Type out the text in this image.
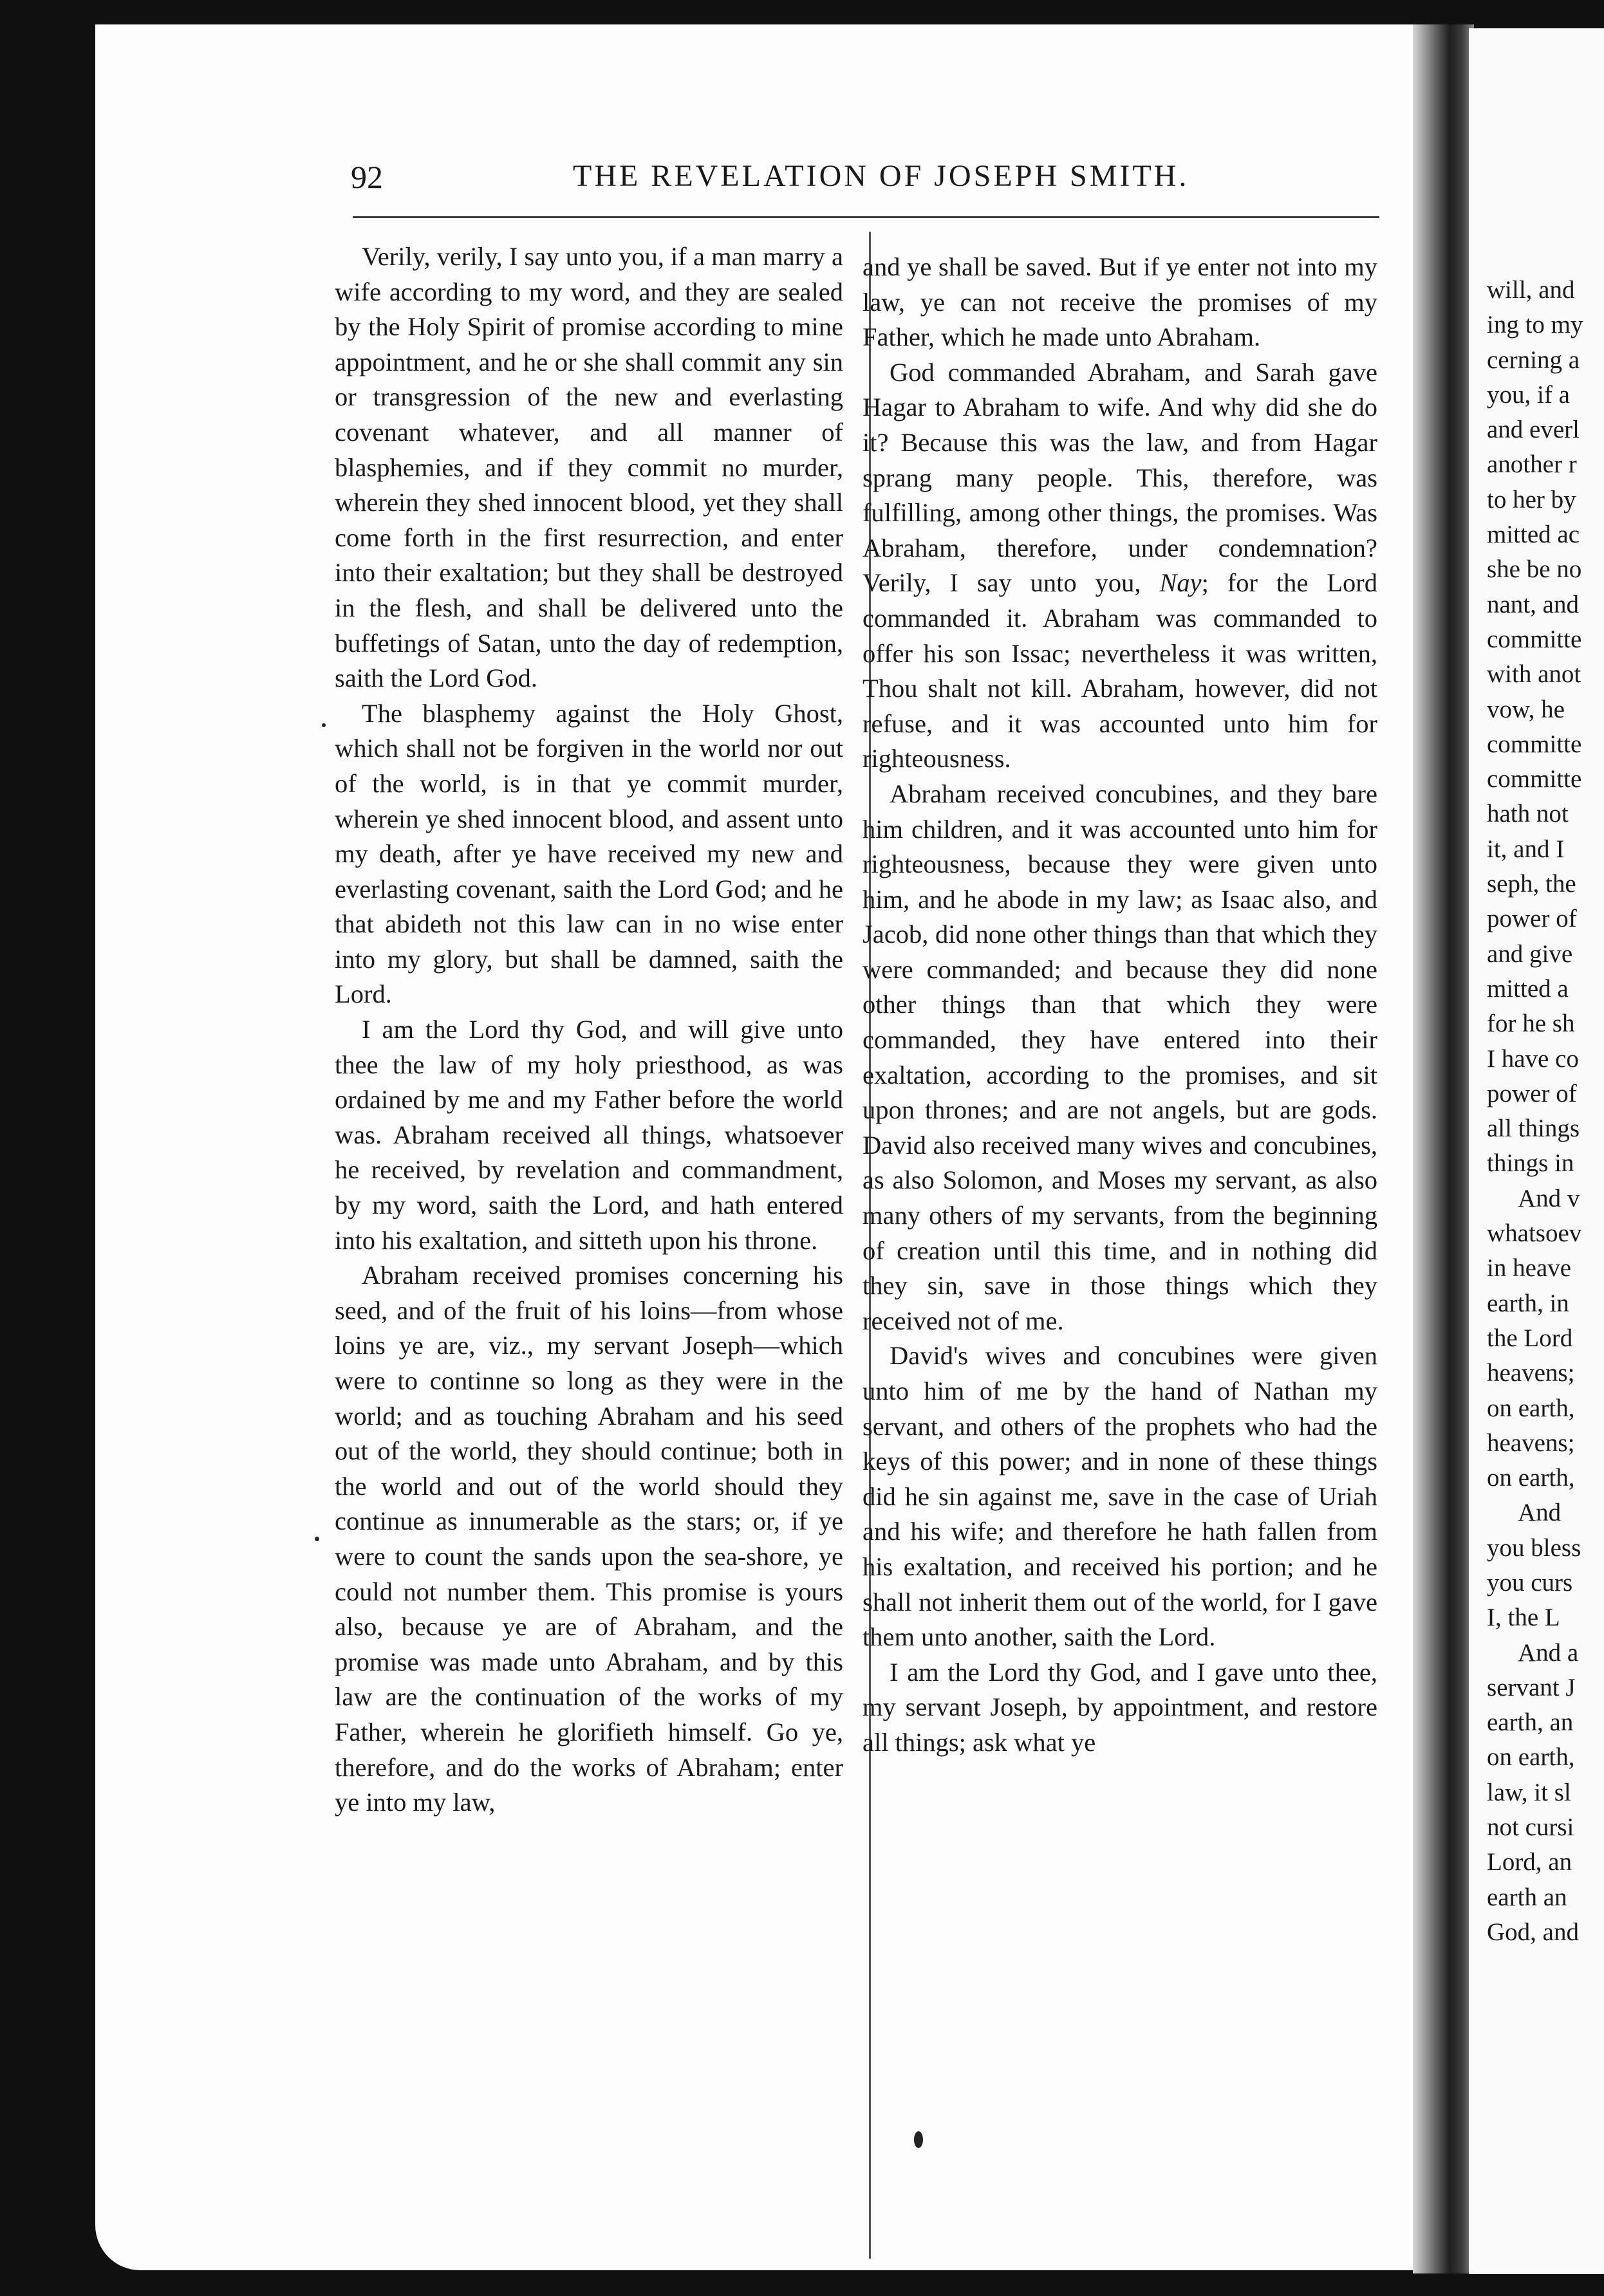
92	THE REVELATION OF JOSEPH SMITH.

Verily, verily, I say unto you, if a man marry a wife according to my word, and they are sealed by the Holy Spirit of promise according to mine appointment, and he or she shall commit any sin or transgression of the new and everlasting covenant whatever, and all manner of blasphemies, and if they commit no murder, wherein they shed innocent blood, yet they shall come forth in the first resurrection, and enter into their exaltation; but they shall be destroyed in the flesh, and shall be delivered unto the buffetings of Satan, unto the day of redemption, saith the Lord God.

The blasphemy against the Holy Ghost, which shall not be forgiven in the world nor out of the world, is in that ye commit murder, wherein ye shed innocent blood, and assent unto my death, after ye have received my new and everlasting covenant, saith the Lord God; and he that abideth not this law can in no wise enter into my glory, but shall be damned, saith the Lord.

I am the Lord thy God, and will give unto thee the law of my holy priesthood, as was ordained by me and my Father before the world was. Abraham received all things, whatsoever he received, by revelation and commandment, by my word, saith the Lord, and hath entered into his exaltation, and sitteth upon his throne.

Abraham received promises concerning his seed, and of the fruit of his loins—from whose loins ye are, viz., my servant Joseph—which were to continne so long as they were in the world; and as touching Abraham and his seed out of the world, they should continue; both in the world and out of the world should they continue as innumerable as the stars; or, if ye were to count the sands upon the sea-shore, ye could not number them. This promise is yours also, because ye are of Abraham, and the promise was made unto Abraham, and by this law are the continuation of the works of my Father, wherein he glorifieth himself. Go ye, therefore, and do the works of Abraham; enter ye into my law,

and ye shall be saved. But if ye enter not into my law, ye can not receive the promises of my Father, which he made unto Abraham.

God commanded Abraham, and Sarah gave Hagar to Abraham to wife. And why did she do it? Because this was the law, and from Hagar sprang many people. This, therefore, was fulfilling, among other things, the promises. Was Abraham, therefore, under condemnation? Verily, I say unto you, Nay; for the Lord commanded it. Abraham was commanded to offer his son Issac; nevertheless it was written, Thou shalt not kill. Abraham, however, did not refuse, and it was accounted unto him for righteousness.

Abraham received concubines, and they bare him children, and it was accounted unto him for righteousness, because they were given unto him, and he abode in my law; as Isaac also, and Jacob, did none other things than that which they were commanded; and because they did none other things than that which they were commanded, they have entered into their exaltation, according to the promises, and sit upon thrones; and are not angels, but are gods. David also received many wives and concubines, as also Solomon, and Moses my servant, as also many others of my servants, from the beginning of creation until this time, and in nothing did they sin, save in those things which they received not of me.

David's wives and concubines were given unto him of me by the hand of Nathan my servant, and others of the prophets who had the keys of this power; and in none of these things did he sin against me, save in the case of Uriah and his wife; and therefore he hath fallen from his exaltation, and received his portion; and he shall not inherit them out of the world, for I gave them unto another, saith the Lord.

I am the Lord thy God, and I gave unto thee, my servant Joseph, by appointment, and restore all things; ask what ye

will, and
ing to my
cerning a
you, if a
and everl
another r
to her by
mitted ac
she be no
nant, and
committe
with anot
vow, he
committe
committe
hath not
it, and I
seph, the
power of
and give
mitted a
for he sh
I have co
power of
all things
things in
And v
whatsoev
in heave
earth, in
the Lord
heavens;
on earth,
heavens;
on earth,
And
you bless
you curs
I, the L
And a
servant J
earth, an
on earth,
law, it sl
not cursi
Lord, an
earth an
God, and
